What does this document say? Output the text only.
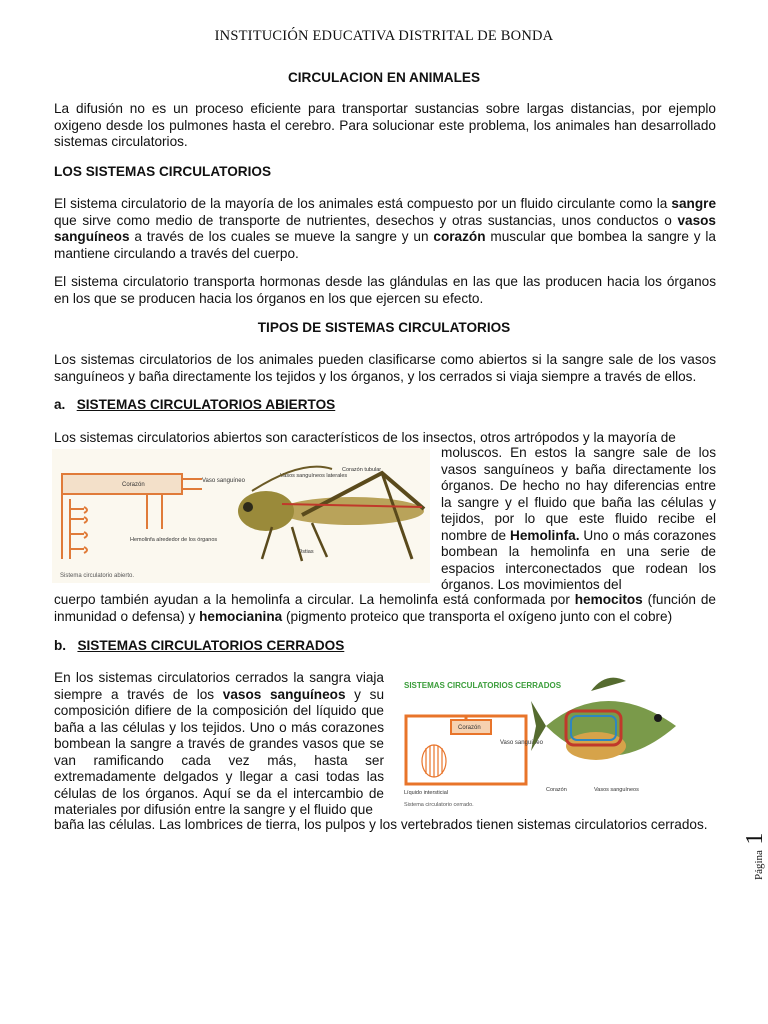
INSTITUCIÓN EDUCATIVA DISTRITAL DE BONDA
CIRCULACION EN ANIMALES
La difusión no es un proceso eficiente para transportar sustancias sobre largas distancias, por ejemplo oxigeno desde los pulmones hasta el cerebro. Para solucionar este problema, los animales han desarrollado sistemas circulatorios.
LOS SISTEMAS CIRCULATORIOS
El sistema circulatorio de la mayoría de los animales está compuesto por un fluido circulante como la sangre que sirve como medio de transporte de nutrientes, desechos y otras sustancias, unos conductos o vasos sanguíneos a través de los cuales se mueve la sangre y un corazón muscular que bombea la sangre y la mantiene circulando a través del cuerpo.
El sistema circulatorio transporta hormonas desde las glándulas en las que las producen hacia los órganos en los que se producen hacia los órganos en los que ejercen su efecto.
TIPOS DE SISTEMAS CIRCULATORIOS
Los sistemas circulatorios de los animales pueden clasificarse como abiertos si la sangre sale de los vasos sanguíneos y baña directamente los tejidos y los órganos, y los cerrados si viaja siempre a través de ellos.
a. SISTEMAS CIRCULATORIOS ABIERTOS
Los sistemas circulatorios abiertos son característicos de los insectos, otros artrópodos y la mayoría de
Corazón
Vaso sanguíneo
Hemolinfa alrededor de los órganos
Vasos sanguíneos laterales
Corazón tubular
Ostias
Sistema circulatorio abierto.
moluscos. En estos la sangre sale de los vasos sanguíneos y baña directamente los órganos. De hecho no hay diferencias entre la sangre y el fluido que baña las células y tejidos, por lo que este fluido recibe el nombre de Hemolinfa. Uno o más corazones bombean la hemolinfa en una serie de espacios interconectados que rodean los órganos. Los movimientos del
cuerpo también ayudan a la hemolinfa a circular. La hemolinfa está conformada por hemocitos (función de inmunidad o defensa) y hemocianina (pigmento proteico que transporta el oxígeno junto con el cobre)
b. SISTEMAS CIRCULATORIOS CERRADOS
En los sistemas circulatorios cerrados la sangra viaja siempre a través de los vasos sanguíneos y su composición difiere de la composición del líquido que baña a las células y los tejidos. Uno o más corazones bombean la sangre a través de grandes vasos que se van ramificando cada vez más, hasta ser extremadamente delgados y llegar a casi todas las células de los órganos. Aquí se da el intercambio de materiales por difusión entre la sangre y el fluido que
SISTEMAS CIRCULATORIOS CERRADOS
Corazón
Vaso sanguíneo
Líquido intersticial
Sistema circulatorio cerrado.
Corazón	Vasos sanguíneos
baña las células. Las lombrices de tierra, los pulpos y los vertebrados tienen sistemas circulatorios cerrados.
Página 1
